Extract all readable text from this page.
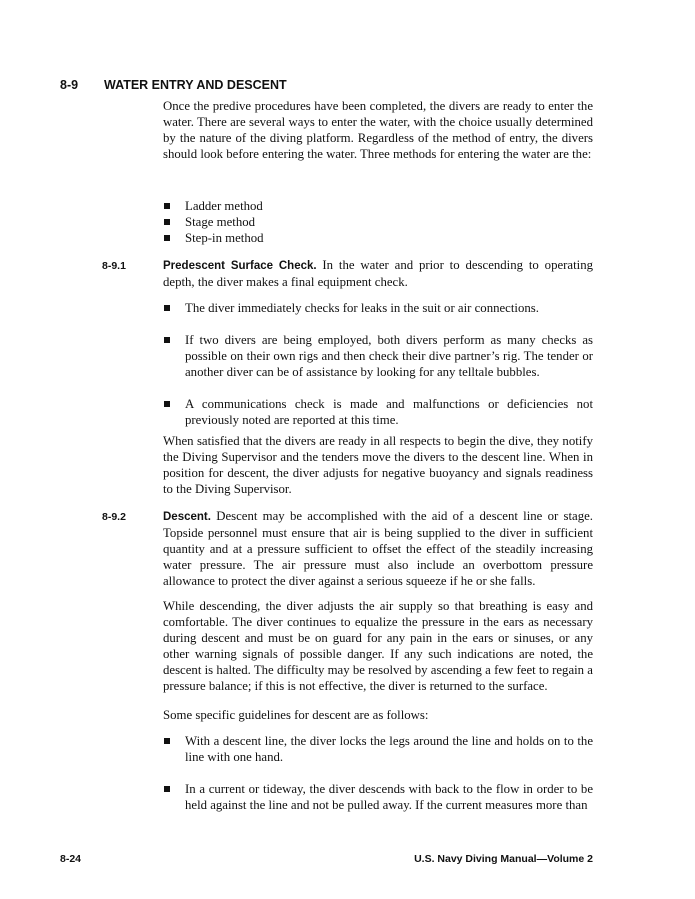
8-9 WATER ENTRY AND DESCENT

Once the predive procedures have been completed, the divers are ready to enter the water. There are several ways to enter the water, with the choice usually determined by the nature of the diving platform. Regardless of the method of entry, the divers should look before entering the water. Three methods for entering the water are the:

Ladder method
Stage method
Step-in method
8-9.1	Predescent Surface Check. In the water and prior to descending to operating depth, the diver makes a final equipment check.

The diver immediately checks for leaks in the suit or air connections.
If two divers are being employed, both divers perform as many checks as possible on their own rigs and then check their dive partner’s rig. The tender or another diver can be of assistance by looking for any telltale bubbles.
A communications check is made and malfunctions or deficiencies not previously noted are reported at this time.

When satisfied that the divers are ready in all respects to begin the dive, they notify the Diving Supervisor and the tenders move the divers to the descent line. When in position for descent, the diver adjusts for negative buoyancy and signals readiness to the Diving Supervisor.

8-9.2	Descent. Descent may be accomplished with the aid of a descent line or stage. Topside personnel must ensure that air is being supplied to the diver in sufficient quantity and at a pressure sufficient to offset the effect of the steadily increasing water pressure. The air pressure must also include an overbottom pressure allowance to protect the diver against a serious squeeze if he or she falls.

While descending, the diver adjusts the air supply so that breathing is easy and comfortable. The diver continues to equalize the pressure in the ears as necessary during descent and must be on guard for any pain in the ears or sinuses, or any other warning signals of possible danger. If any such indications are noted, the descent is halted. The difficulty may be resolved by ascending a few feet to regain a pressure balance; if this is not effective, the diver is returned to the surface.

Some specific guidelines for descent are as follows:

With a descent line, the diver locks the legs around the line and holds on to the line with one hand.
In a current or tideway, the diver descends with back to the flow in order to be held against the line and not be pulled away. If the current measures more than
8-24	U.S. Navy Diving Manual—Volume 2
